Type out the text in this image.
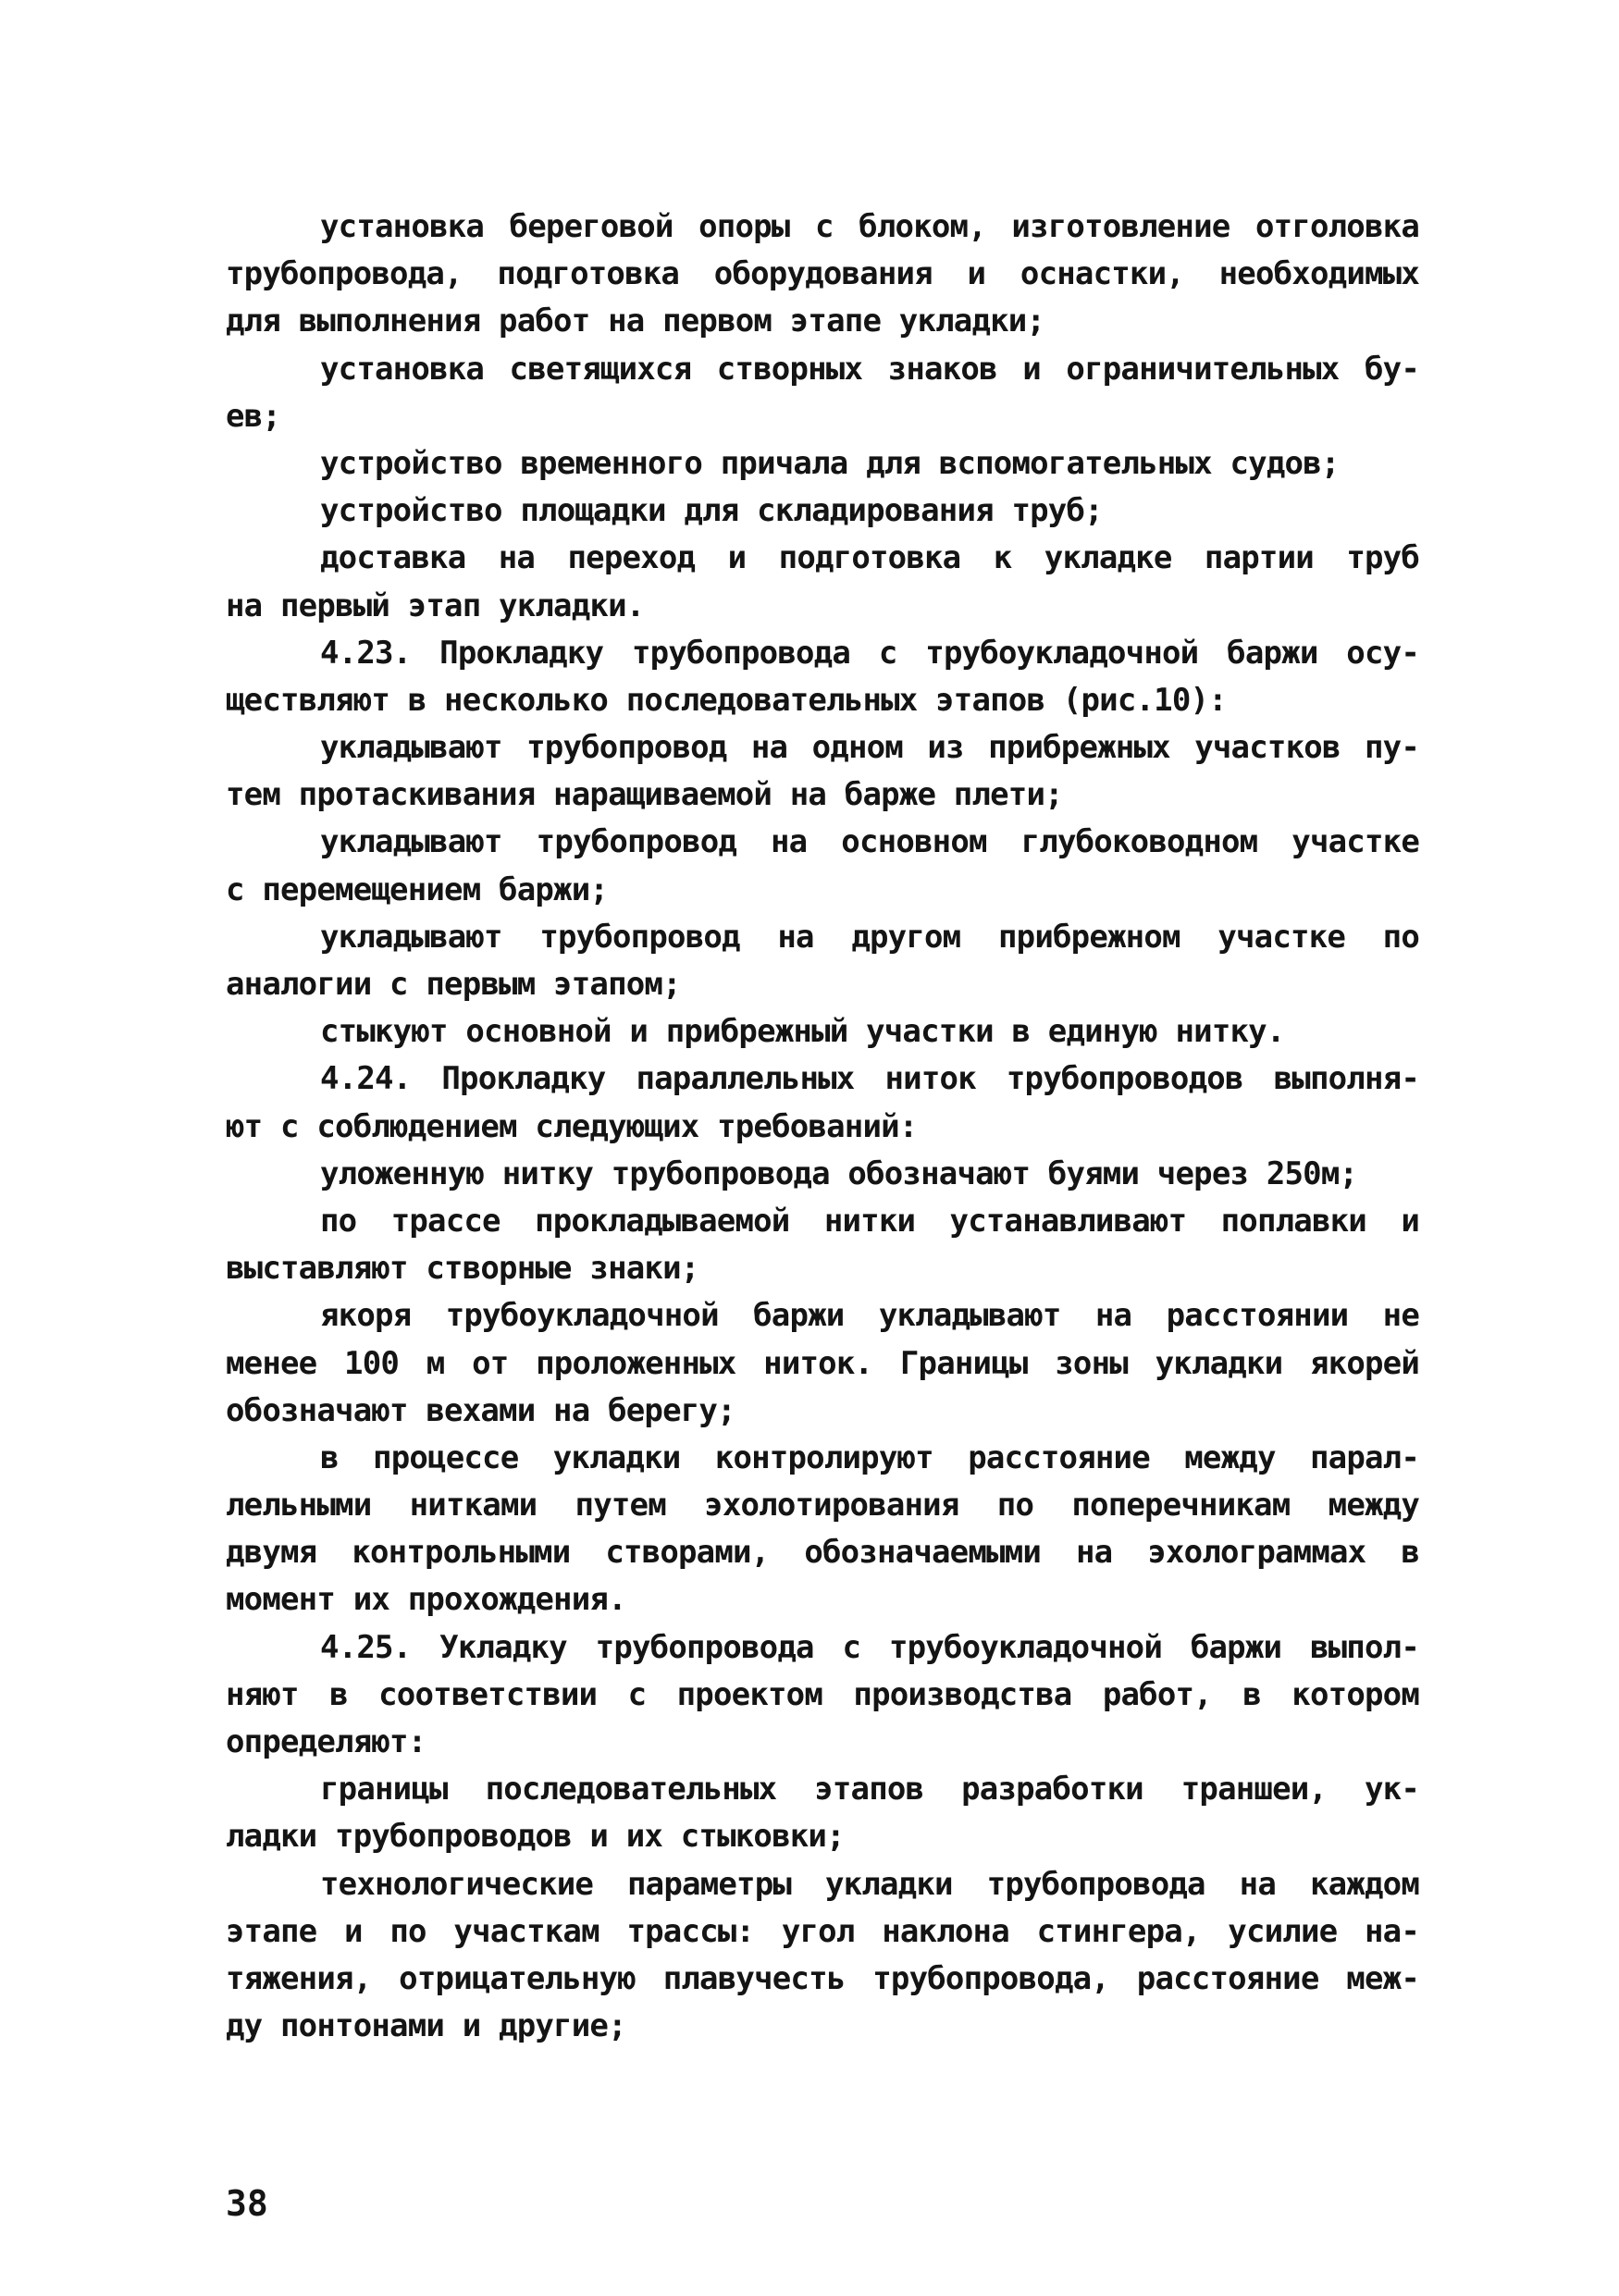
установка береговой опоры с блоком, изготовление отголовка
трубопровода, подготовка оборудования и оснастки, необходимых
для выполнения работ на первом этапе укладки;
установка светящихся створных знаков и ограничительных бу-
ев;
устройство временного причала для вспомогательных судов;
устройство площадки для складирования труб;
доставка на переход и подготовка к укладке партии труб
на первый этап укладки.
4.23. Прокладку трубопровода с трубоукладочной баржи осу-
ществляют в несколько последовательных этапов (рис.10):
укладывают трубопровод на одном из прибрежных участков пу-
тем протаскивания наращиваемой на барже плети;
укладывают трубопровод на основном глубоководном участке
с перемещением баржи;
укладывают трубопровод на другом прибрежном участке по
аналогии с первым этапом;
стыкуют основной и прибрежный участки в единую нитку.
4.24. Прокладку параллельных ниток трубопроводов выполня-
ют с соблюдением следующих требований:
уложенную нитку трубопровода обозначают буями через 250м;
по трассе прокладываемой нитки устанавливают поплавки и
выставляют створные знаки;
якоря трубоукладочной баржи укладывают на расстоянии не
менее 100 м от проложенных ниток. Границы зоны укладки якорей
обозначают вехами на берегу;
в процессе укладки контролируют расстояние между парал-
лельными нитками путем эхолотирования по поперечникам между
двумя контрольными створами, обозначаемыми на эхолограммах в
момент их прохождения.
4.25. Укладку трубопровода с трубоукладочной баржи выпол-
няют в соответствии с проектом производства работ, в котором
определяют:
границы последовательных этапов разработки траншеи, ук-
ладки трубопроводов и их стыковки;
технологические параметры укладки трубопровода на каждом
этапе и по участкам трассы: угол наклона стингера, усилие на-
тяжения, отрицательную плавучесть трубопровода, расстояние меж-
ду понтонами и другие;
38
